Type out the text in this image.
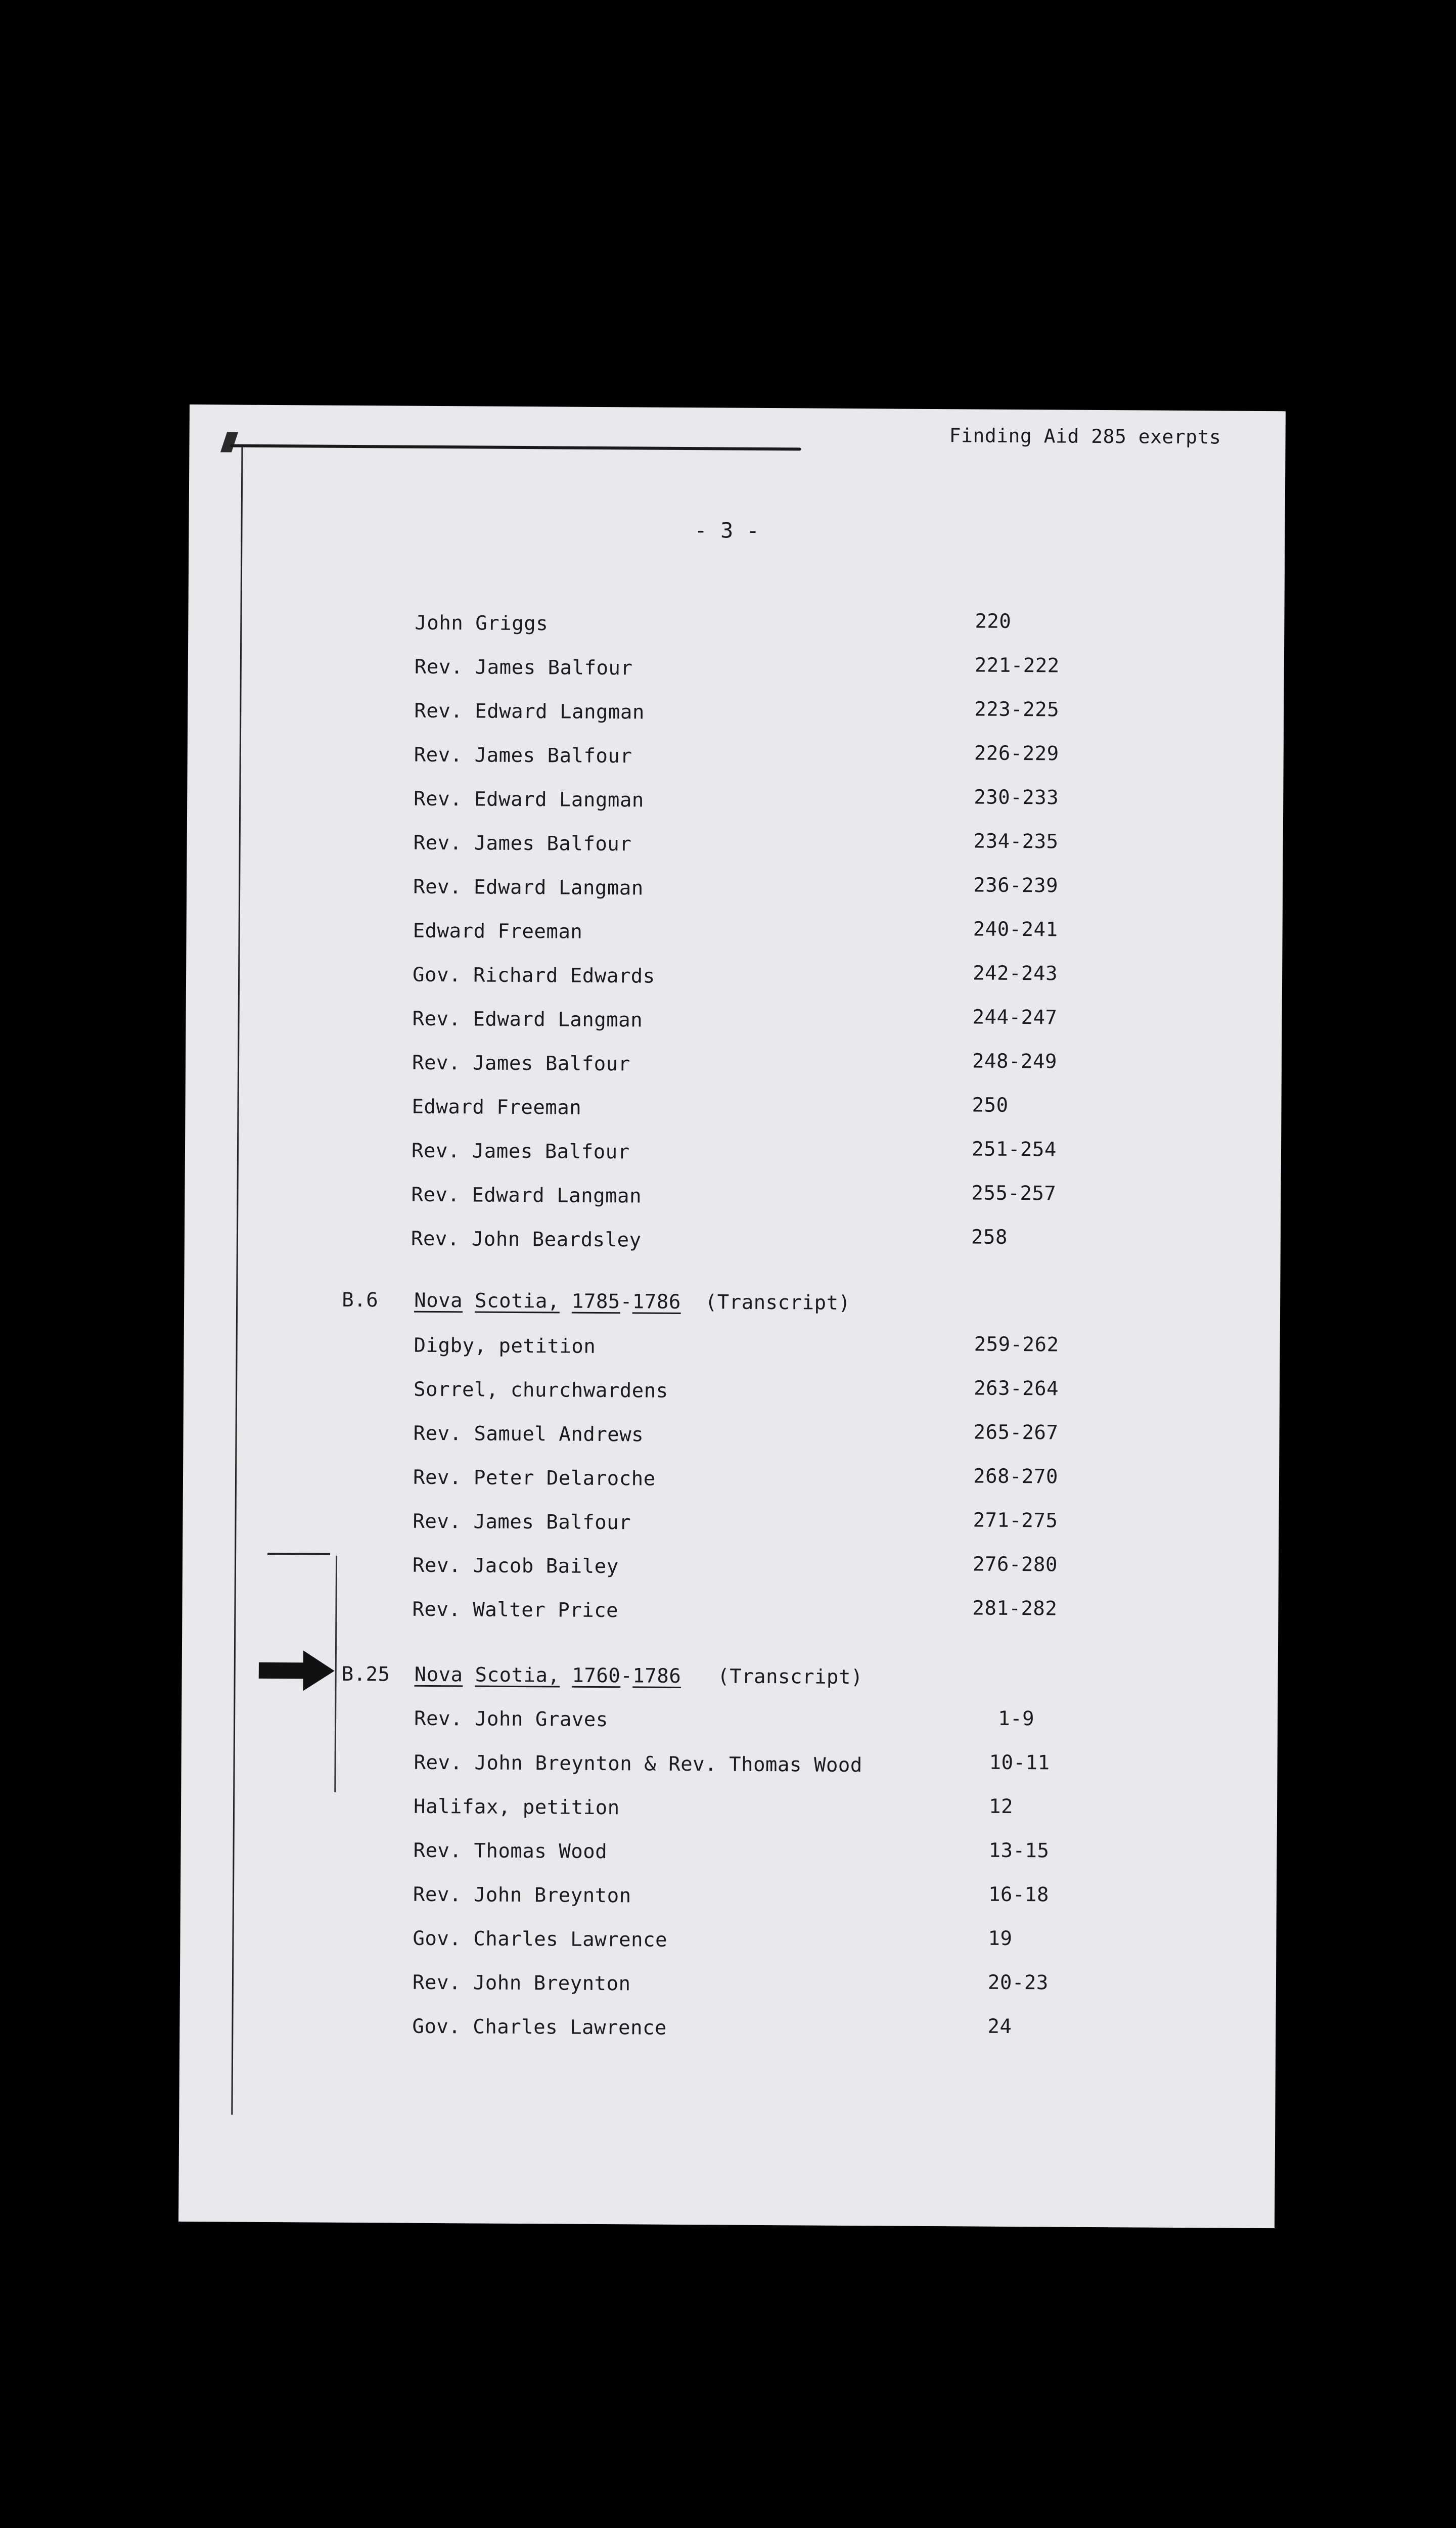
Finding Aid 285 exerpts
- 3 -
John Griggs	220
Rev. James Balfour	221-222
Rev. Edward Langman	223-225
Rev. James Balfour	226-229
Rev. Edward Langman	230-233
Rev. James Balfour	234-235
Rev. Edward Langman	236-239
Edward Freeman	240-241
Gov. Richard Edwards	242-243
Rev. Edward Langman	244-247
Rev. James Balfour	248-249
Edward Freeman	250
Rev. James Balfour	251-254
Rev. Edward Langman	255-257
Rev. John Beardsley	258
B.6 Nova Scotia, 1785-1786 (Transcript)
Digby, petition	259-262
Sorrel, churchwardens	263-264
Rev. Samuel Andrews	265-267
Rev. Peter Delaroche	268-270
Rev. James Balfour	271-275
Rev. Jacob Bailey	276-280
Rev. Walter Price	281-282
B.25 Nova Scotia, 1760-1786 (Transcript)
Rev. John Graves	1-9
Rev. John Breynton & Rev. Thomas Wood	10-11
Halifax, petition	12
Rev. Thomas Wood	13-15
Rev. John Breynton	16-18
Gov. Charles Lawrence	19
Rev. John Breynton	20-23
Gov. Charles Lawrence	24
